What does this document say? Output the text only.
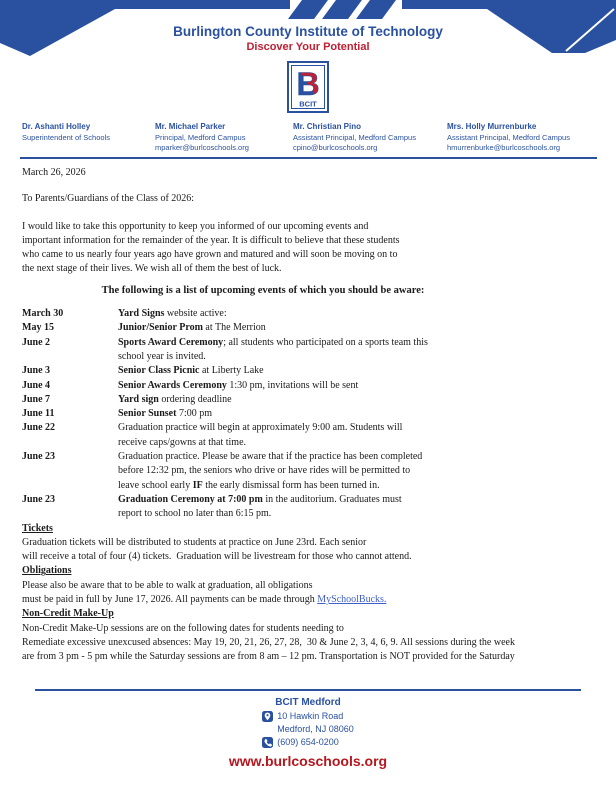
Burlington County Institute of Technology
Discover Your Potential
B
BCIT
Dr. Ashanti Holley
Superintendent of Schools
Mr. Michael Parker
Principal, Medford Campus
mparker@burlcoschools.org
Mr. Christian Pino
Assistant Principal, Medford Campus
cpino@burlcoschools.org
Mrs. Holly Murrenburke
Assistant Principal, Medford Campus
hmurrenburke@burlcoschools.org
March 26, 2026
To Parents/Guardians of the Class of 2026:
I would like to take this opportunity to keep you informed of our upcoming events and
important information for the remainder of the year. It is difficult to believe that these students
who came to us nearly four years ago have grown and matured and will soon be moving on to
the next stage of their lives. We wish all of them the best of luck.
The following is a list of upcoming events of which you should be aware:
March 30	Yard Signs website active:
May 15	Junior/Senior Prom at The Merrion
June 2	Sports Award Ceremony; all students who participated on a sports team this
school year is invited.
June 3	Senior Class Picnic at Liberty Lake
June 4	Senior Awards Ceremony 1:30 pm, invitations will be sent
June 7	Yard sign ordering deadline
June 11	Senior Sunset 7:00 pm
June 22	Graduation practice will begin at approximately 9:00 am. Students will
receive caps/gowns at that time.
June 23	Graduation practice. Please be aware that if the practice has been completed
before 12:32 pm, the seniors who drive or have rides will be permitted to
leave school early IF the early dismissal form has been turned in.
June 23	Graduation Ceremony at 7:00 pm in the auditorium. Graduates must
report to school no later than 6:15 pm.
Tickets
Graduation tickets will be distributed to students at practice on June 23rd. Each senior
will receive a total of four (4) tickets.  Graduation will be livestream for those who cannot attend.
Obligations
Please also be aware that to be able to walk at graduation, all obligations
must be paid in full by June 17, 2026. All payments can be made through MySchoolBucks.
Non-Credit Make-Up
Non-Credit Make-Up sessions are on the following dates for students needing to
Remediate excessive unexcused absences: May 19, 20, 21, 26, 27, 28,  30 & June 2, 3, 4, 6, 9. All sessions during the week
are from 3 pm - 5 pm while the Saturday sessions are from 8 am – 12 pm. Transportation is NOT provided for the Saturday
BCIT Medford
10 Hawkin Road
Medford, NJ 08060
(609) 654-0200
www.burlcoschools.org
